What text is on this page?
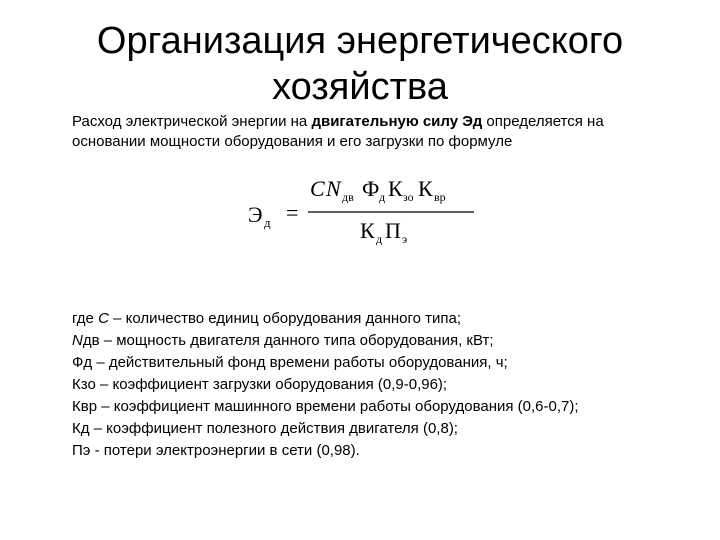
Организация энергетического хозяйства
Расход электрической энергии на двигательную силу Эд определяется на основании мощности оборудования и его загрузки по формуле
Э д =
C N дв Ф д К зо К вр
К д П э
где С – количество единиц оборудования данного типа;
Nдв – мощность двигателя данного типа оборудования, кВт;
Фд – действительный фонд времени работы оборудования, ч;
Кзо – коэффициент загрузки оборудования (0,9-0,96);
Квр – коэффициент машинного времени работы оборудования (0,6-0,7);
Кд – коэффициент полезного действия двигателя (0,8);
Пэ - потери электроэнергии в сети (0,98).
